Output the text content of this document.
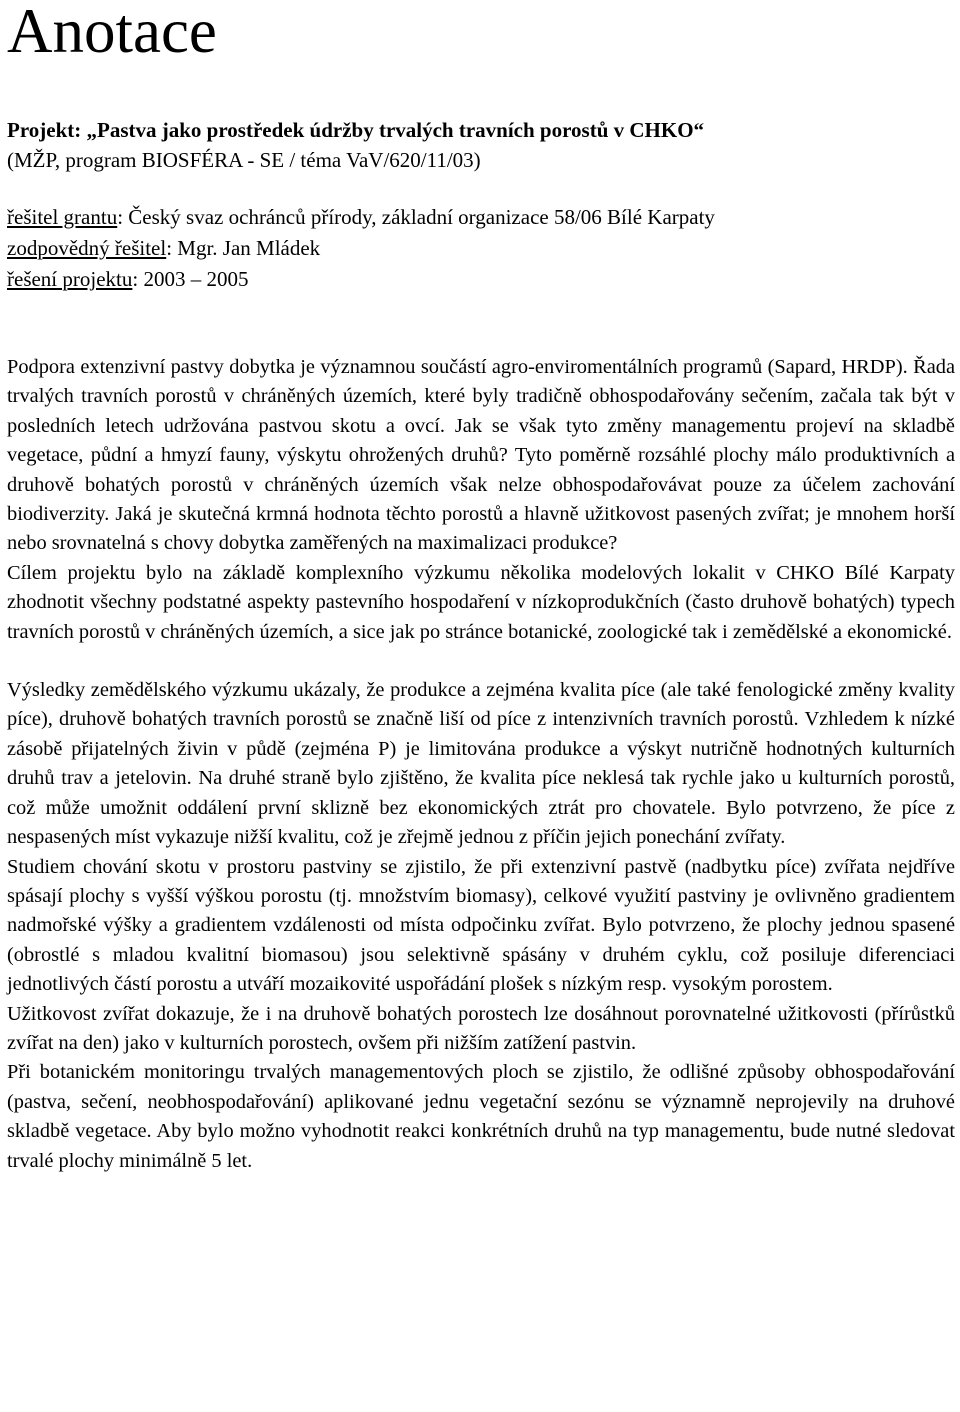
Anotace
Projekt: „Pastva jako prostředek údržby trvalých travních porostů v CHKO“
(MŽP, program BIOSFÉRA - SE / téma VaV/620/11/03)
řešitel grantu: Český svaz ochránců přírody, základní organizace 58/06 Bílé Karpaty
zodpovědný řešitel: Mgr. Jan Mládek
řešení projektu: 2003 – 2005

Podpora extenzivní pastvy dobytka je významnou součástí agro-enviromentálních programů (Sapard, HRDP). Řada trvalých travních porostů v chráněných územích, které byly tradičně obhospodařovány sečením, začala tak být v posledních letech udržována pastvou skotu a ovcí. Jak se však tyto změny managementu projeví na skladbě vegetace, půdní a hmyzí fauny, výskytu ohrožených druhů? Tyto poměrně rozsáhlé plochy málo produktivních a druhově bohatých porostů v chráněných územích však nelze obhospodařovávat pouze za účelem zachování biodiverzity. Jaká je skutečná krmná hodnota těchto porostů a hlavně užitkovost pasených zvířat; je mnohem horší nebo srovnatelná s chovy dobytka zaměřených na maximalizaci produkce?

Cílem projektu bylo na základě komplexního výzkumu několika modelových lokalit v CHKO Bílé Karpaty zhodnotit všechny podstatné aspekty pastevního hospodaření v nízkoprodukčních (často druhově bohatých) typech travních porostů v chráněných územích, a sice jak po stránce botanické, zoologické tak i zemědělské a ekonomické.

Výsledky zemědělského výzkumu ukázaly, že produkce a zejména kvalita píce (ale také fenologické změny kvality píce), druhově bohatých travních porostů se značně liší od píce z intenzivních travních porostů. Vzhledem k nízké zásobě přijatelných živin v půdě (zejména P) je limitována produkce a výskyt nutričně hodnotných kulturních druhů trav a jetelovin. Na druhé straně bylo zjištěno, že kvalita píce neklesá tak rychle jako u kulturních porostů, což může umožnit oddálení první sklizně bez ekonomických ztrát pro chovatele. Bylo potvrzeno, že píce z nespasených míst vykazuje nižší kvalitu, což je zřejmě jednou z příčin jejich ponechání zvířaty.

Studiem chování skotu v prostoru pastviny se zjistilo, že při extenzivní pastvě (nadbytku píce) zvířata nejdříve spásají plochy s vyšší výškou porostu (tj. množstvím biomasy), celkové využití pastviny je ovlivněno gradientem nadmořské výšky a gradientem vzdálenosti od místa odpočinku zvířat. Bylo potvrzeno, že plochy jednou spasené (obrostlé s mladou kvalitní biomasou) jsou selektivně spásány v druhém cyklu, což posiluje diferenciaci jednotlivých částí porostu a utváří mozaikovité uspořádání plošek s nízkým resp. vysokým porostem.

Užitkovost zvířat dokazuje, že i na druhově bohatých porostech lze dosáhnout porovnatelné užitkovosti (přírůstků zvířat na den) jako v kulturních porostech, ovšem při nižším zatížení pastvin.

Při botanickém monitoringu trvalých managementových ploch se zjistilo, že odlišné způsoby obhospodařování (pastva, sečení, neobhospodařování) aplikované jednu vegetační sezónu se významně neprojevily na druhové skladbě vegetace. Aby bylo možno vyhodnotit reakci konkrétních druhů na typ managementu, bude nutné sledovat trvalé plochy minimálně 5 let.
